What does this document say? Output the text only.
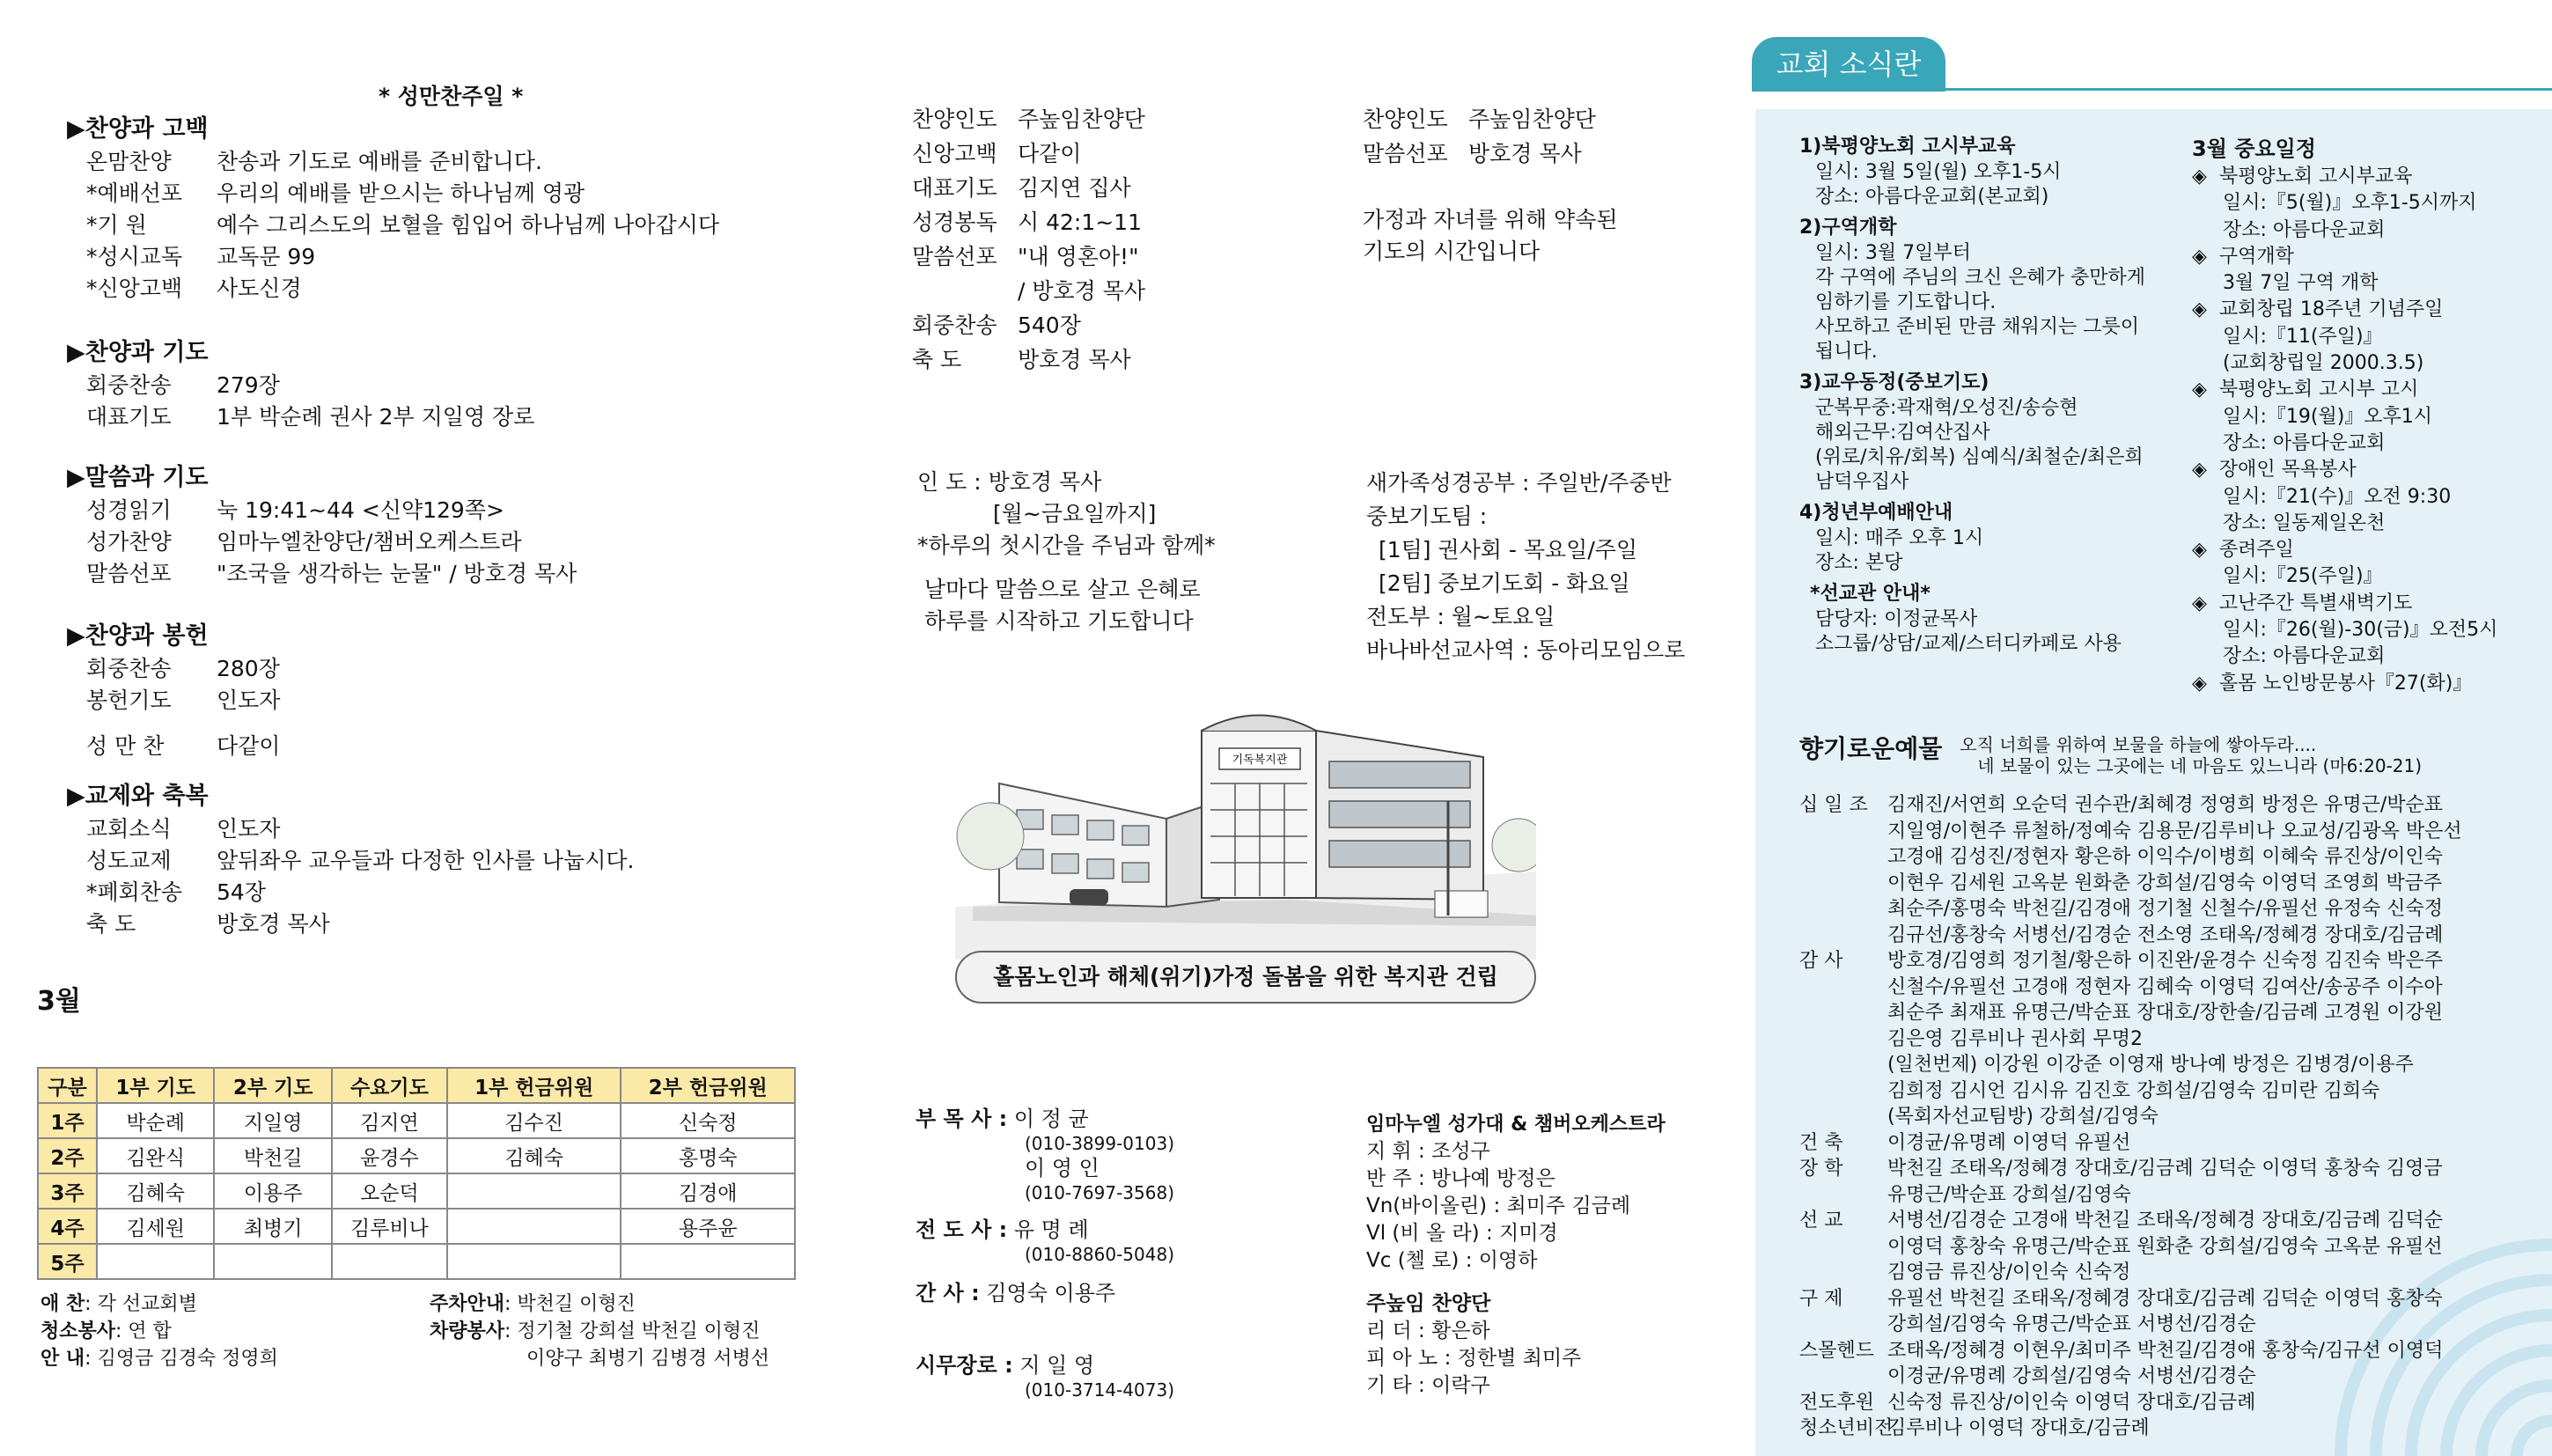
* 성만찬주일 *
▶찬양과 고백
온맘찬양 찬송과 기도로 예배를 준비합니다.
*예배선포 우리의 예배를 받으시는 하나님께 영광
*기 원	예수 그리스도의 보혈을 힘입어 하나님께 나아갑시다
*성시교독 교독문 99
*신앙고백 사도신경
▶찬양과 기도
회중찬송 279장
대표기도 1부 박순례 권사 2부 지일영 장로
▶말씀과 기도
성경읽기 눅 19:41~44 <신약129쪽>
성가찬양 임마누엘찬양단/챔버오케스트라
말씀선포 "조국을 생각하는 눈물" / 방호경 목사
▶찬양과 봉헌
회중찬송 280장
봉헌기도 인도자
성 만 찬 다같이
▶교제와 축복
교회소식 인도자
성도교제 앞뒤좌우 교우들과 다정한 인사를 나눕시다.
*폐회찬송 54장
축 도	방호경 목사
3월
구분	1부 기도	2부 기도	수요기도	1부 헌금위원	2부 헌금위원
1주	박순례	지일영	김지연	김수진	신숙정
2주	김완식	박천길	윤경수	김혜숙	홍명숙
3주	김혜숙	이용주	오순덕		김경애
4주	김세원	최병기	김루비나		용주윤
5주					
애 찬: 각 선교회별
청소봉사: 연 합
안 내: 김영금 김경숙 정영희
주차안내: 박천길 이형진
차량봉사: 정기철 강희설 박천길 이형진
이양구 최병기 김병경 서병선
찬양인도 주높임찬양단
신앙고백 다같이
대표기도 김지연 집사
성경봉독 시 42:1~11
말씀선포 "내 영혼아!"
/ 방호경 목사
회중찬송 540장
축 도	방호경 목사
찬양인도 주높임찬양단
말씀선포 방호경 목사
가정과 자녀를 위해 약속된
기도의 시간입니다
인 도 : 방호경 목사
[월~금요일까지]
*하루의 첫시간을 주님과 함께*
날마다 말씀으로 살고 은혜로
하루를 시작하고 기도합니다
새가족성경공부 : 주일반/주중반
중보기도팀 :
[1팀] 권사회 - 목요일/주일
[2팀] 중보기도회 - 화요일
전도부 : 월~토요일
바나바선교사역 : 동아리모임으로
기독복지관
홀몸노인과 해체(위기)가정 돌봄을 위한 복지관 건립
부 목 사 : 이 정 균
(010-3899-0103)
이 영 인
(010-7697-3568)
전 도 사 : 유 명 례
(010-8860-5048)
간 사 : 김영숙 이용주
시무장로 : 지 일 영
(010-3714-4073)
임마누엘 성가대 & 챔버오케스트라
지 휘 : 조성구
반 주 : 방나예 방정은
Vn(바이올린) : 최미주 김금례
Vl (비 올 라) : 지미경
Vc (첼 로) : 이영하
주높임 찬양단
리 더 : 황은하
피 아 노 : 정한별 최미주
기 타 : 이락구
교회 소식란
1)북평양노회 고시부교육
일시: 3월 5일(월) 오후1-5시
장소: 아름다운교회(본교회)
2)구역개학
일시: 3월 7일부터
각 구역에 주님의 크신 은혜가 충만하게
임하기를 기도합니다.
사모하고 준비된 만큼 채워지는 그릇이
됩니다.
3)교우동정(중보기도)
군복무중:곽재혁/오성진/송승현
해외근무:김여산집사
(위로/치유/회복) 심예식/최철순/최은희
남덕우집사
4)청년부예배안내
일시: 매주 오후 1시
장소: 본당
*선교관 안내*
담당자: 이정균목사
소그룹/상담/교제/스터디카페로 사용
3월 중요일정
◈  북평양노회 고시부교육
일시:『5(월)』오후1-5시까지
장소: 아름다운교회
◈  구역개학
3월 7일 구역 개학
◈  교회창립 18주년 기념주일
일시:『11(주일)』
(교회창립일 2000.3.5)
◈  북평양노회 고시부 고시
일시:『19(월)』오후1시
장소: 아름다운교회
◈  장애인 목욕봉사
일시:『21(수)』오전 9:30
장소: 일동제일온천
◈  종려주일
일시:『25(주일)』
◈  고난주간 특별새벽기도
일시:『26(월)-30(금)』오전5시
장소: 아름다운교회
◈  홀몸 노인방문봉사『27(화)』
향기로운예물 오직 너희를 위하여 보물을 하늘에 쌓아두라....
네 보물이 있는 그곳에는 네 마음도 있느니라 (마6:20-21)
십 일 조 김재진/서연희 오순덕 권수관/최혜경 정영희 방정은 유명근/박순표
지일영/이현주 류철하/정예숙 김용문/김루비나 오교성/김광옥 박은선
고경애 김성진/정현자 황은하 이익수/이병희 이혜숙 류진상/이인숙
이현우 김세원 고옥분 원화춘 강희설/김영숙 이영덕 조영희 박금주
최순주/홍명숙 박천길/김경애 정기철 신철수/유필선 유정숙 신숙정
김규선/홍창숙 서병선/김경순 전소영 조태옥/정혜경 장대호/김금례
감 사 방호경/김영희 정기철/황은하 이진완/윤경수 신숙정 김진숙 박은주
신철수/유필선 고경애 정현자 김혜숙 이영덕 김여산/송공주 이수아
최순주 최재표 유명근/박순표 장대호/장한솔/김금례 고경원 이강원
김은영 김루비나 권사회 무명2
(일천번제) 이강원 이강준 이영재 방나예 방정은 김병경/이용주
김희정 김시언 김시유 김진호 강희설/김영숙 김미란 김희숙
(목회자선교팀방) 강희설/김영숙
건 축 이경균/유명례 이영덕 유필선
장 학 박천길 조태옥/정혜경 장대호/김금례 김덕순 이영덕 홍창숙 김영금
유명근/박순표 강희설/김영숙
선 교 서병선/김경순 고경애 박천길 조태옥/정혜경 장대호/김금례 김덕순
이영덕 홍창숙 유명근/박순표 원화춘 강희설/김영숙 고옥분 유필선
김영금 류진상/이인숙 신숙정
구 제 유필선 박천길 조태옥/정혜경 장대호/김금례 김덕순 이영덕 홍창숙
강희설/김영숙 유명근/박순표 서병선/김경순
스몰헨드 조태옥/정혜경 이현우/최미주 박천길/김경애 홍창숙/김규선 이영덕
이경균/유명례 강희설/김영숙 서병선/김경순
전도후원 신숙정 류진상/이인숙 이영덕 장대호/김금례
청소년비전김루비나 이영덕 장대호/김금례
